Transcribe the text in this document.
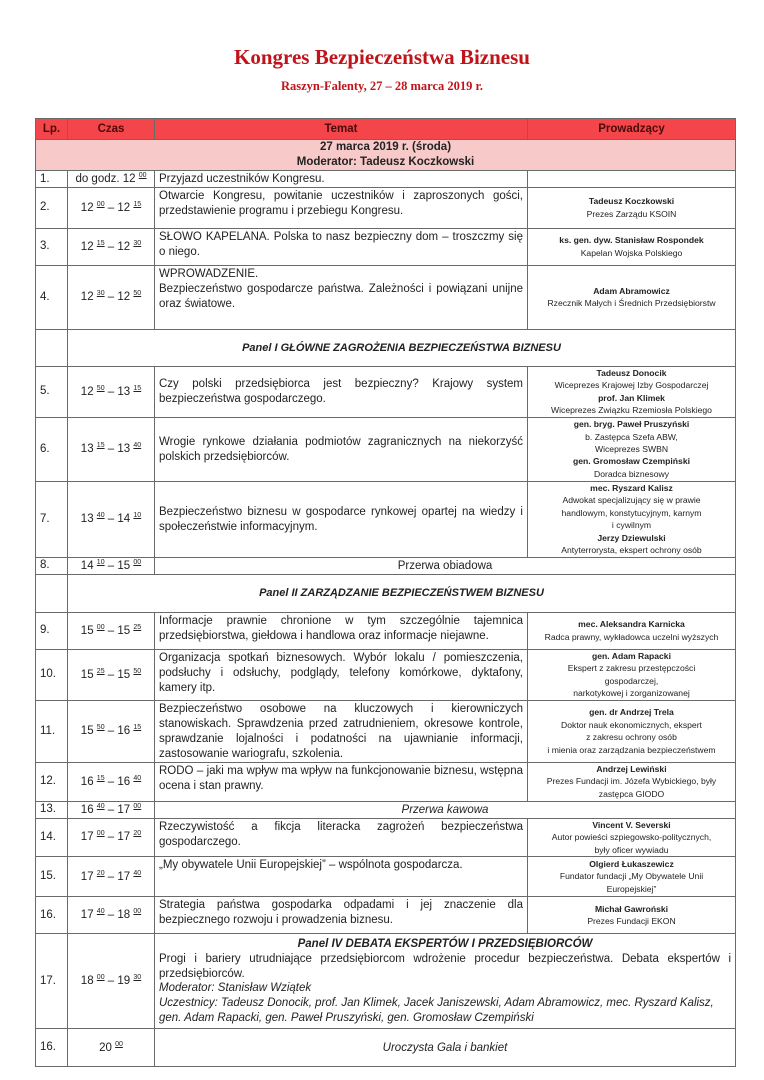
Kongres Bezpieczeństwa Biznesu
Raszyn-Falenty, 27 – 28 marca 2019 r.
Lp.	Czas	Temat	Prowadzący

27 marca 2019 r. (środa)
Moderator: Tadeusz Koczkowski			

1.	do godz. 12 $^{00}$	Przyjazd uczestników Kongresu.	
2.	12 $^{00}$ – 12 $^{15}$	Otwarcie Kongresu, powitanie uczestników i zaproszonych gości, przedstawienie programu i przebiegu Kongresu.	Tadeusz Koczkowski
Prezes Zarządu KSOIN

3.	12 $^{15}$ – 12 $^{30}$	SŁOWO KAPELANA. Polska to nasz bezpieczny dom – troszczmy się o niego.	ks. gen. dyw. Stanisław Rospondek
Kapelan Wojska Polskiego

4.	12 $^{30}$ – 12 $^{50}$	WPROWADZENIE.
Bezpieczeństwo gospodarcze państwa. Zależności i powiązani unijne oraz światowe.	Adam Abramowicz
Rzecznik Małych i Średnich Przedsiębiorstw

	Panel I GŁÓWNE ZAGROŻENIA BEZPIECZEŃSTWA BIZNESU		
5.	12 $^{50}$ – 13 $^{15}$	Czy polski przedsiębiorca jest bezpieczny? Krajowy system bezpieczeństwa gospodarczego.	Tadeusz Donocik
Wiceprezes Krajowej Izby Gospodarczej
prof. Jan Klimek
Wiceprezes Związku Rzemiosła Polskiego

6.	13 $^{15}$ – 13 $^{40}$	Wrogie rynkowe działania podmiotów zagranicznych na niekorzyść polskich przedsiębiorców.	gen. bryg. Paweł Pruszyński
b. Zastępca Szefa ABW,
Wiceprezes SWBN
gen. Gromosław Czempiński
Doradca biznesowy

7.	13 $^{40}$ – 14 $^{10}$	Bezpieczeństwo biznesu w gospodarce rynkowej opartej na wiedzy i społeczeństwie informacyjnym.	
mec. Ryszard Kalisz
Adwokat specjalizujący się w prawie
handlowym, konstytucyjnym, karnym
i cywilnym
Jerzy Dziewulski
Antyterrorysta, ekspert ochrony osób

8.	14 $^{10}$ – 15 $^{00}$	Przerwa obiadowa	
	Panel II ZARZĄDZANIE BEZPIECZEŃSTWEM BIZNESU		
9.	15 $^{00}$ – 15 $^{25}$	Informacje prawnie chronione w tym szczególnie tajemnica przedsiębiorstwa, giełdowa i handlowa oraz informacje niejawne.	mec. Aleksandra Karnicka
Radca prawny, wykładowca uczelni wyższych

10.	15 $^{25}$ – 15 $^{50}$	Organizacja spotkań biznesowych. Wybór lokalu / pomieszczenia, podsłuchy i odsłuchy, podglądy, telefony komórkowe, dyktafony, kamery itp.	gen. Adam Rapacki
Ekspert z zakresu przestępczości
gospodarczej,
narkotykowej i zorganizowanej

11.	15 $^{50}$ – 16 $^{15}$	Bezpieczeństwo osobowe na kluczowych i kierowniczych stanowiskach. Sprawdzenia przed zatrudnieniem, okresowe kontrole, sprawdzanie lojalności i podatności na ujawnianie informacji, zastosowanie wariografu, szkolenia.	
gen. dr Andrzej Trela
Doktor nauk ekonomicznych, ekspert
z zakresu ochrony osób
i mienia oraz zarządzania bezpieczeństwem

12.	16 $^{15}$ – 16 $^{40}$	RODO – jaki ma wpływ ma wpływ na funkcjonowanie biznesu, wstępna ocena i stan prawny.	Andrzej Lewiński
Prezes Fundacji im. Józefa Wybickiego, były
zastępca GIODO

13.	16 $^{40}$ – 17 $^{00}$	Przerwa kawowa	
14.	17 $^{00}$ – 17 $^{20}$	Rzeczywistość a fikcja literacka zagrożeń bezpieczeństwa gospodarczego.	Vincent V. Severski
Autor powieści szpiegowsko-politycznych,
były oficer wywiadu

15.	17 $^{20}$ – 17 $^{40}$	„My obywatele Unii Europejskiej” – wspólnota gospodarcza.	Olgierd Łukaszewicz
Fundator fundacji „My Obywatele Unii
Europejskiej”

16.	17 $^{40}$ – 18 $^{00}$	Strategia państwa gospodarka odpadami i jej znaczenie dla bezpiecznego rozwoju i prowadzenia biznesu.	Michał Gawroński
Prezes Fundacji EKON

17.	18 $^{00}$ – 19 $^{30}$	Panel IV DEBATA EKSPERTÓW I PRZEDSIĘBIORCÓW
Progi i bariery utrudniające przedsiębiorcom wdrożenie procedur bezpieczeństwa. Debata ekspertów i przedsiębiorców.
Moderator: Stanisław Wziątek
Uczestnicy: Tadeusz Donocik, prof. Jan Klimek, Jacek Janiszewski, Adam Abramowicz, mec. Ryszard Kalisz, gen. Adam Rapacki, gen. Paweł Pruszyński, gen. Gromosław Czempiński	

16.	20 $^{00}$	Uroczysta Gala i bankiet	
